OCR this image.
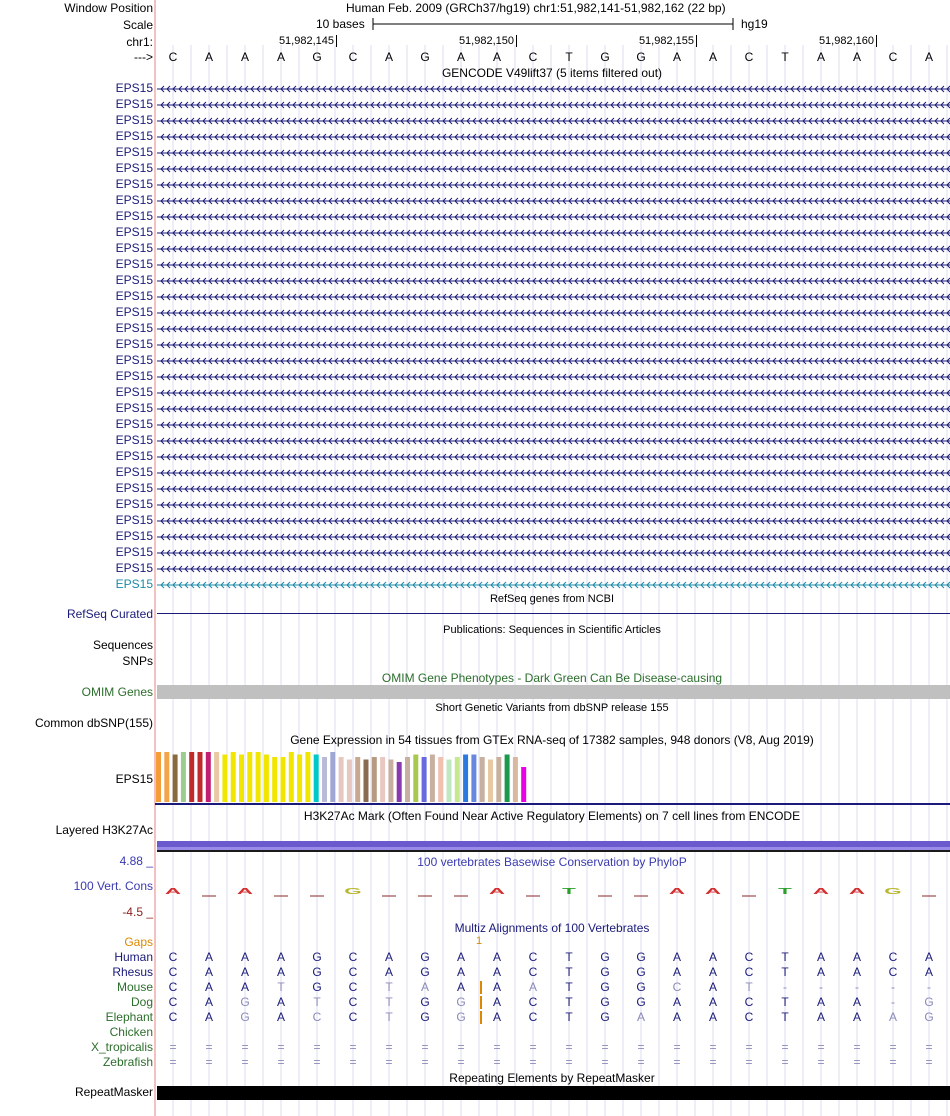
Window Position	Human Feb. 2009 (GRCh37/hg19) chr1:51,982,141-51,982,162 (22 bp)
Scale	10 bases	hg19
chr1:	51,982,145	51,982,150	51,982,155	51,982,160
--->	C	A	A	A	G	C	A	G	A	A	C	T	G	G	A	A	C	T	A	A	C	A
GENCODE V49lift37 (5 items filtered out)
EPS15
EPS15
EPS15
EPS15
EPS15
EPS15
EPS15
EPS15
EPS15
EPS15
EPS15
EPS15
EPS15
EPS15
EPS15
EPS15
EPS15
EPS15
EPS15
EPS15
EPS15
EPS15
EPS15
EPS15
EPS15
EPS15
EPS15
EPS15
EPS15
EPS15
EPS15
EPS15
RefSeq genes from NCBI
RefSeq Curated
Publications: Sequences in Scientific Articles
Sequences
SNPs
OMIM Gene Phenotypes - Dark Green Can Be Disease-causing
OMIM Genes
Short Genetic Variants from dbSNP release 155
Common dbSNP(155)
Gene Expression in 54 tissues from GTEx RNA-seq of 17382 samples, 948 donors (V8, Aug 2019)
EPS15
H3K27Ac Mark (Often Found Near Active Regulatory Elements) on 7 cell lines from ENCODE
Layered H3K27Ac
100 vertebrates Basewise Conservation by PhyloP
4.88 _
100 Vert. Cons
-4.5 _
A	A	G	A	T	A A	T A A G
Multiz Alignments of 100 Vertebrates
Gaps	1
Human	C	A	A	A	G	C	A	G	A	A	C	T	G	G	A	A	C	T	A	A	C	A
Rhesus	C	A	A	A	G	C	A	G	A	A	C	T	G	G	A	A	C	T	A	A	C	A
Mouse	C	A	A	T	G	C	T	A	A	A	A	T	G	G	C	A	T	-	-	-	-	-
Dog	C	A	G	A	T	C	T	G	G	A	C	T	G	G	A	A	C	T	A	A	-	G
Elephant	C	A	G	A	C	C	T	G	G	A	C	T	G	A	A	A	C	T	A	A	A	G
Chicken
X_tropicalis	=	=	=	=	=	=	=	=	=	=	=	=	=	=	=	=	=	=	=	=	=	=
Zebrafish	=	=	=	=	=	=	=	=	=	=	=	=	=	=	=	=	=	=	=	=	=	=
Repeating Elements by RepeatMasker
RepeatMasker
